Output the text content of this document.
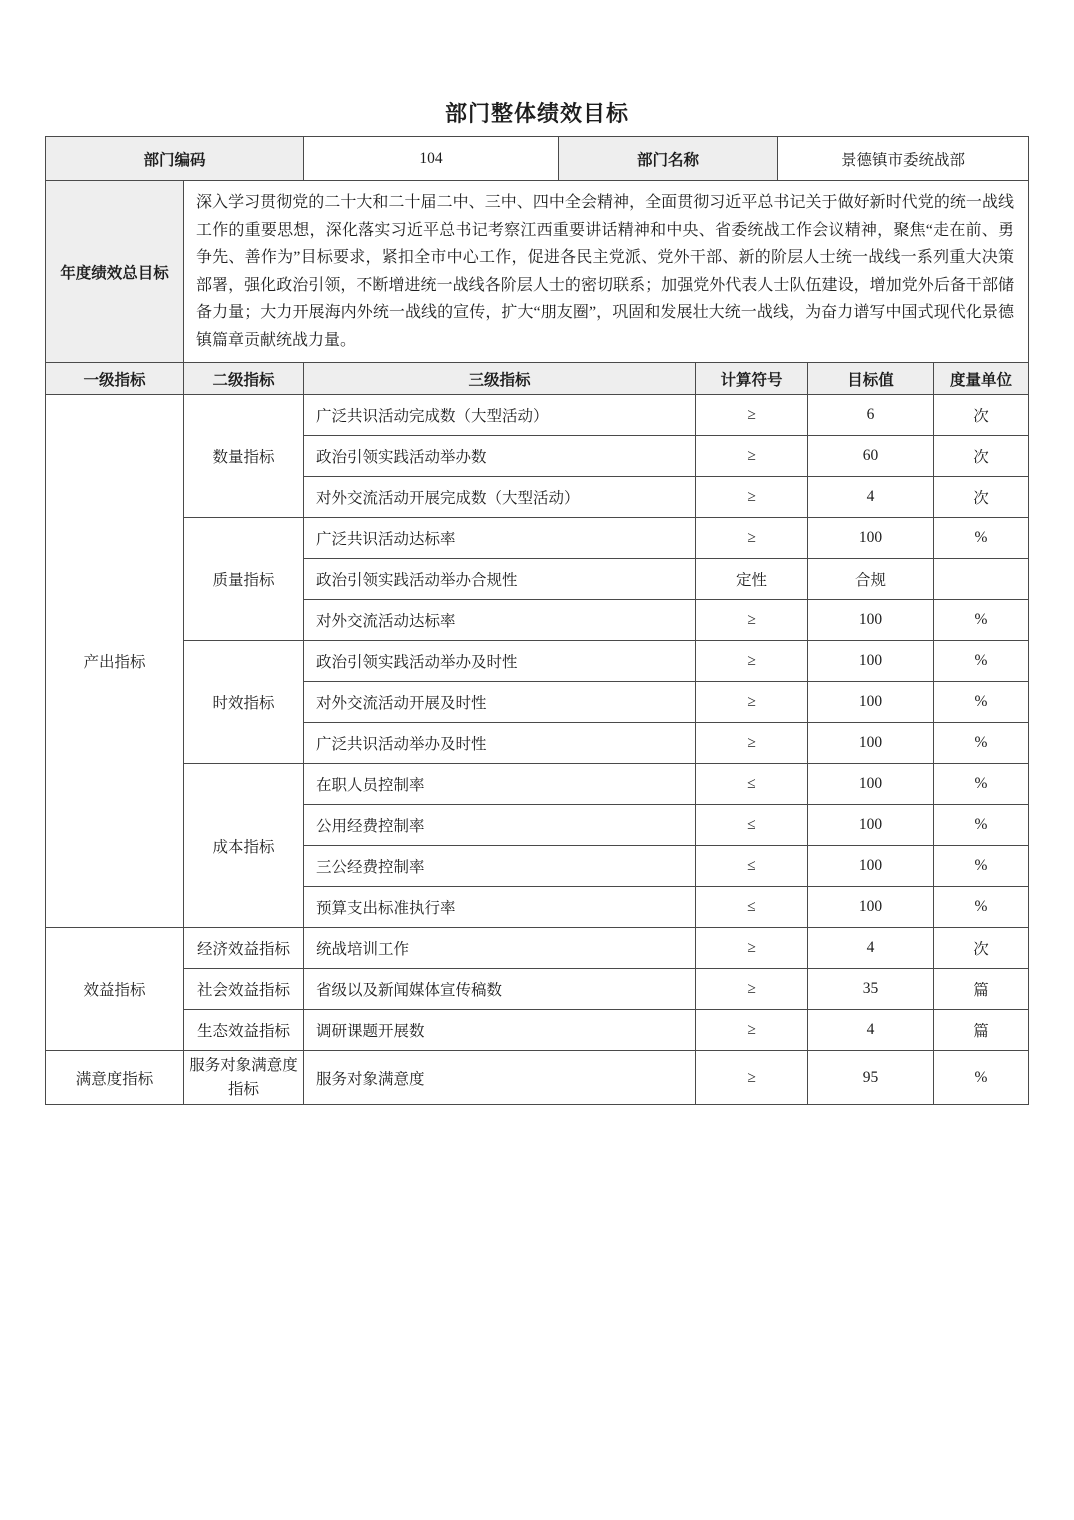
部门整体绩效目标
部门编码	104	部门名称	景德镇市委统战部
年度绩效总目标	深入学习贯彻党的二十大和二十届二中、三中、四中全会精神，全面贯彻习近平总书记关于做好新时代党的统一战线工作的重要思想，深化落实习近平总书记考察江西重要讲话精神和中央、省委统战工作会议精神，聚焦“走在前、勇争先、善作为”目标要求，紧扣全市中心工作，促进各民主党派、党外干部、新的阶层人士统一战线一系列重大决策部署，强化政治引领，不断增进统一战线各阶层人士的密切联系；加强党外代表人士队伍建设，增加党外后备干部储备力量；大力开展海内外统一战线的宣传，扩大“朋友圈”，巩固和发展壮大统一战线，为奋力谱写中国式现代化景德镇篇章贡献统战力量。
一级指标	二级指标	三级指标	计算符号	目标值	度量单位
产出指标	数量指标	广泛共识活动完成数（大型活动）	≥	6	次
		政治引领实践活动举办数	≥	60	次
		对外交流活动开展完成数（大型活动）	≥	4	次
	质量指标	广泛共识活动达标率	≥	100	%
		政治引领实践活动举办合规性	定性	合规	
		对外交流活动达标率	≥	100	%
	时效指标	政治引领实践活动举办及时性	≥	100	%
		对外交流活动开展及时性	≥	100	%
		广泛共识活动举办及时性	≥	100	%
	成本指标	在职人员控制率	≤	100	%
		公用经费控制率	≤	100	%
		三公经费控制率	≤	100	%
		预算支出标准执行率	≤	100	%
效益指标	经济效益指标	统战培训工作	≥	4	次
	社会效益指标	省级以及新闻媒体宣传稿数	≥	35	篇
	生态效益指标	调研课题开展数	≥	4	篇
满意度指标	服务对象满意度指标	服务对象满意度	≥	95	%
